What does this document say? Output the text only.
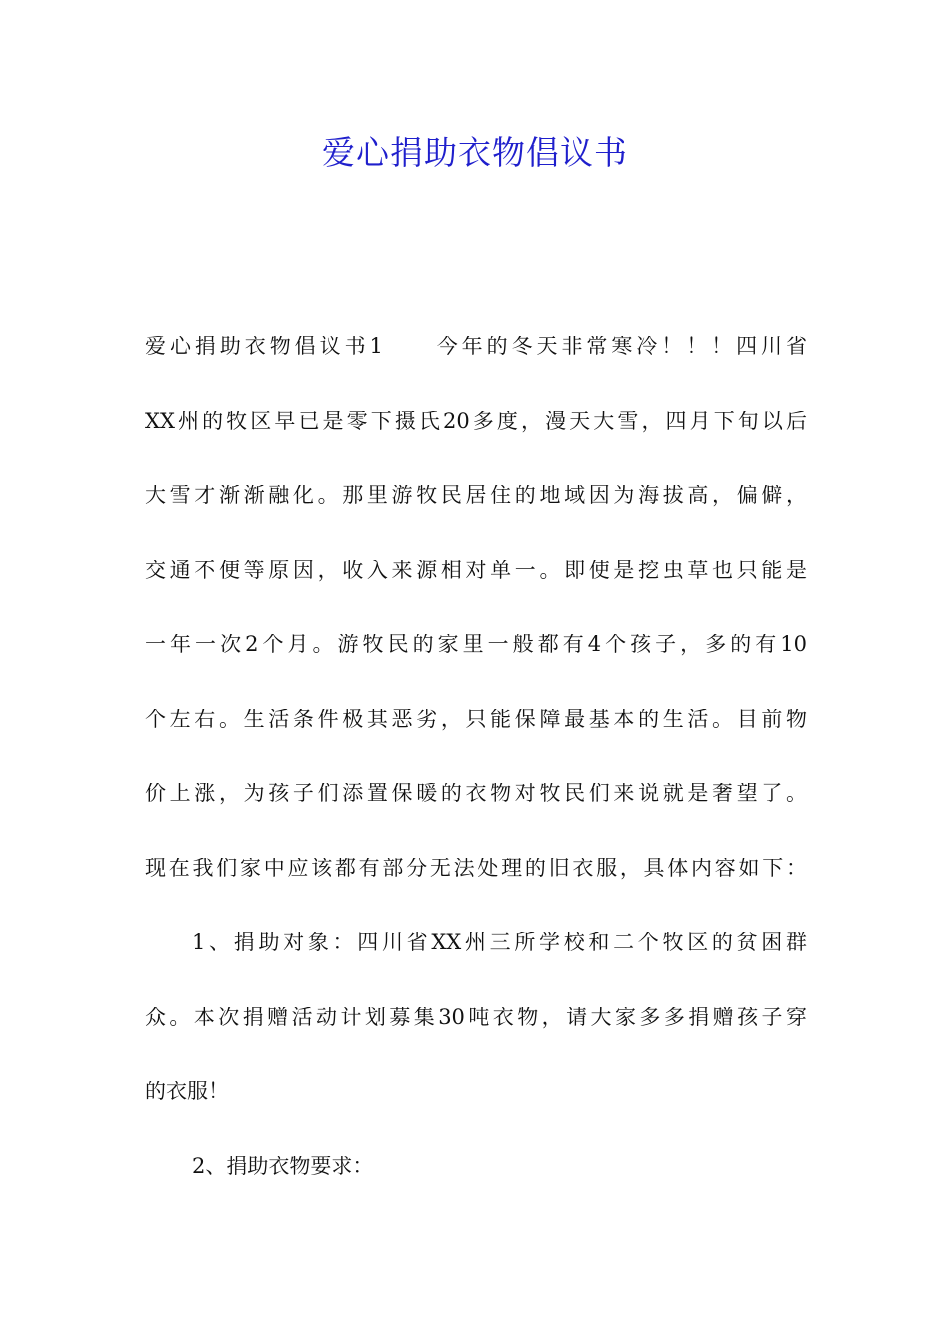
爱心捐助衣物倡议书
爱心捐助衣物倡议书1　　今年的冬天非常寒冷！！！四川省
XX州的牧区早已是零下摄氏20多度，漫天大雪，四月下旬以后
大雪才渐渐融化。那里游牧民居住的地域因为海拔高，偏僻，
交通不便等原因，收入来源相对单一。即使是挖虫草也只能是
一年一次2个月。游牧民的家里一般都有4个孩子，多的有10
个左右。生活条件极其恶劣，只能保障最基本的生活。目前物
价上涨，为孩子们添置保暖的衣物对牧民们来说就是奢望了。
现在我们家中应该都有部分无法处理的旧衣服，具体内容如下：
1、捐助对象：四川省XX州三所学校和二个牧区的贫困群
众。本次捐赠活动计划募集30吨衣物，请大家多多捐赠孩子穿
的衣服！
2、捐助衣物要求：
